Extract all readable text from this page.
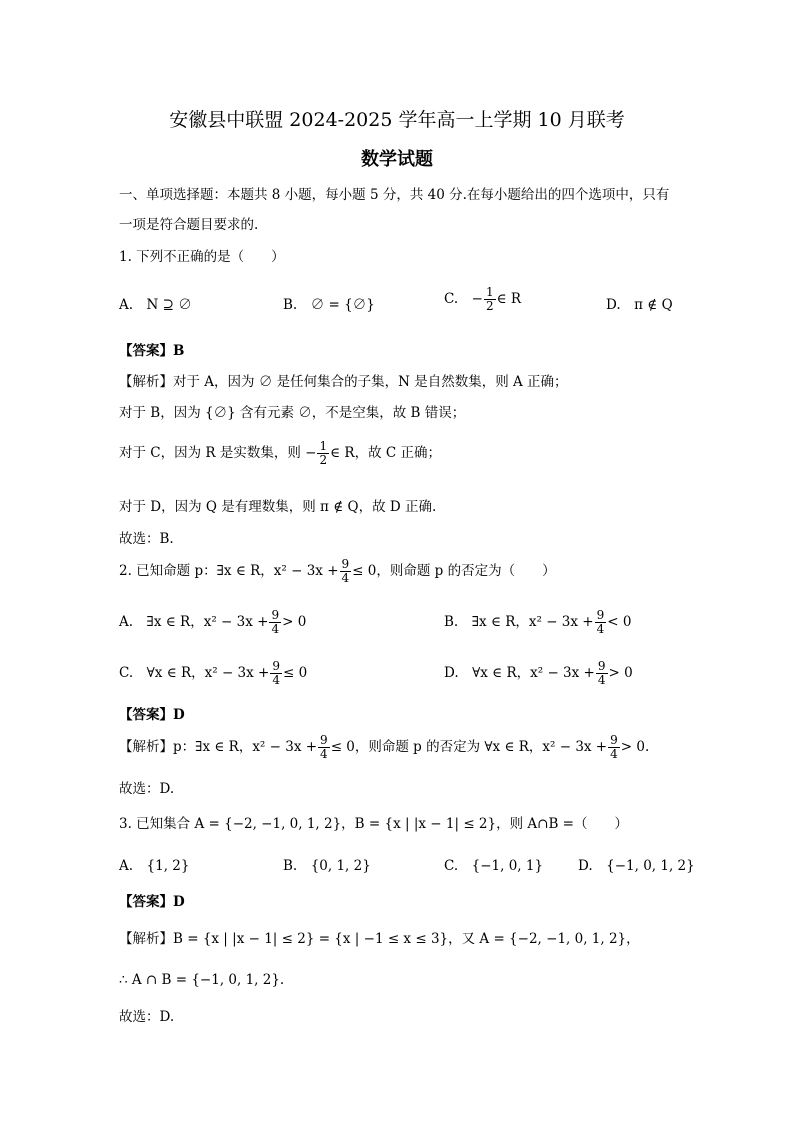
安徽县中联盟 2024-2025 学年高一上学期 10 月联考
数学试题
一、单项选择题：本题共 8 小题，每小题 5 分，共 40 分.在每小题给出的四个选项中，只有
一项是符合题目要求的.
1. 下列不正确的是（　　）
A.　N ⊇ ∅	B.　∅ = {∅}	C.　− $\frac{1}{2}$ ∈ R	D.　π ∉ Q
【答案】B
【解析】对于 A，因为 ∅ 是任何集合的子集，N 是自然数集，则 A 正确；
对于 B，因为 {∅} 含有元素 ∅，不是空集，故 B 错误；
对于 C，因为 R 是实数集，则 − $\frac{1}{2}$ ∈ R，故 C 正确；
对于 D，因为 Q 是有理数集，则 π ∉ Q，故 D 正确.
故选：B.
2. 已知命题 p：∃x ∈ R，$x^2 - 3x + \frac{9}{4} \le 0$，则命题 p 的否定为（　　）
A.　∃x ∈ R，$x^2 - 3x + \frac{9}{4} > 0$	B.　∃x ∈ R，$x^2 - 3x + \frac{9}{4} < 0$
C.　∀x ∈ R，$x^2 - 3x + \frac{9}{4} \le 0$	D.　∀x ∈ R，$x^2 - 3x + \frac{9}{4} > 0$
【答案】D
【解析】p：∃x ∈ R，$x^2 - 3x + \frac{9}{4} \le 0$，则命题 p 的否定为 ∀x ∈ R，$x^2 - 3x + \frac{9}{4} > 0$.
故选：D.
3. 已知集合 A = {−2, −1, 0, 1, 2}，B = {x | |x − 1| ≤ 2}，则 A∩B =（　　）
A.　{1, 2}	B.　{0, 1, 2}	C.　{−1, 0, 1}	D.　{−1, 0, 1, 2}
【答案】D
【解析】B = {x | |x − 1| ≤ 2} = {x | −1 ≤ x ≤ 3}，又 A = {−2, −1, 0, 1, 2}，
∴ A ∩ B = {−1, 0, 1, 2}.
故选：D.
